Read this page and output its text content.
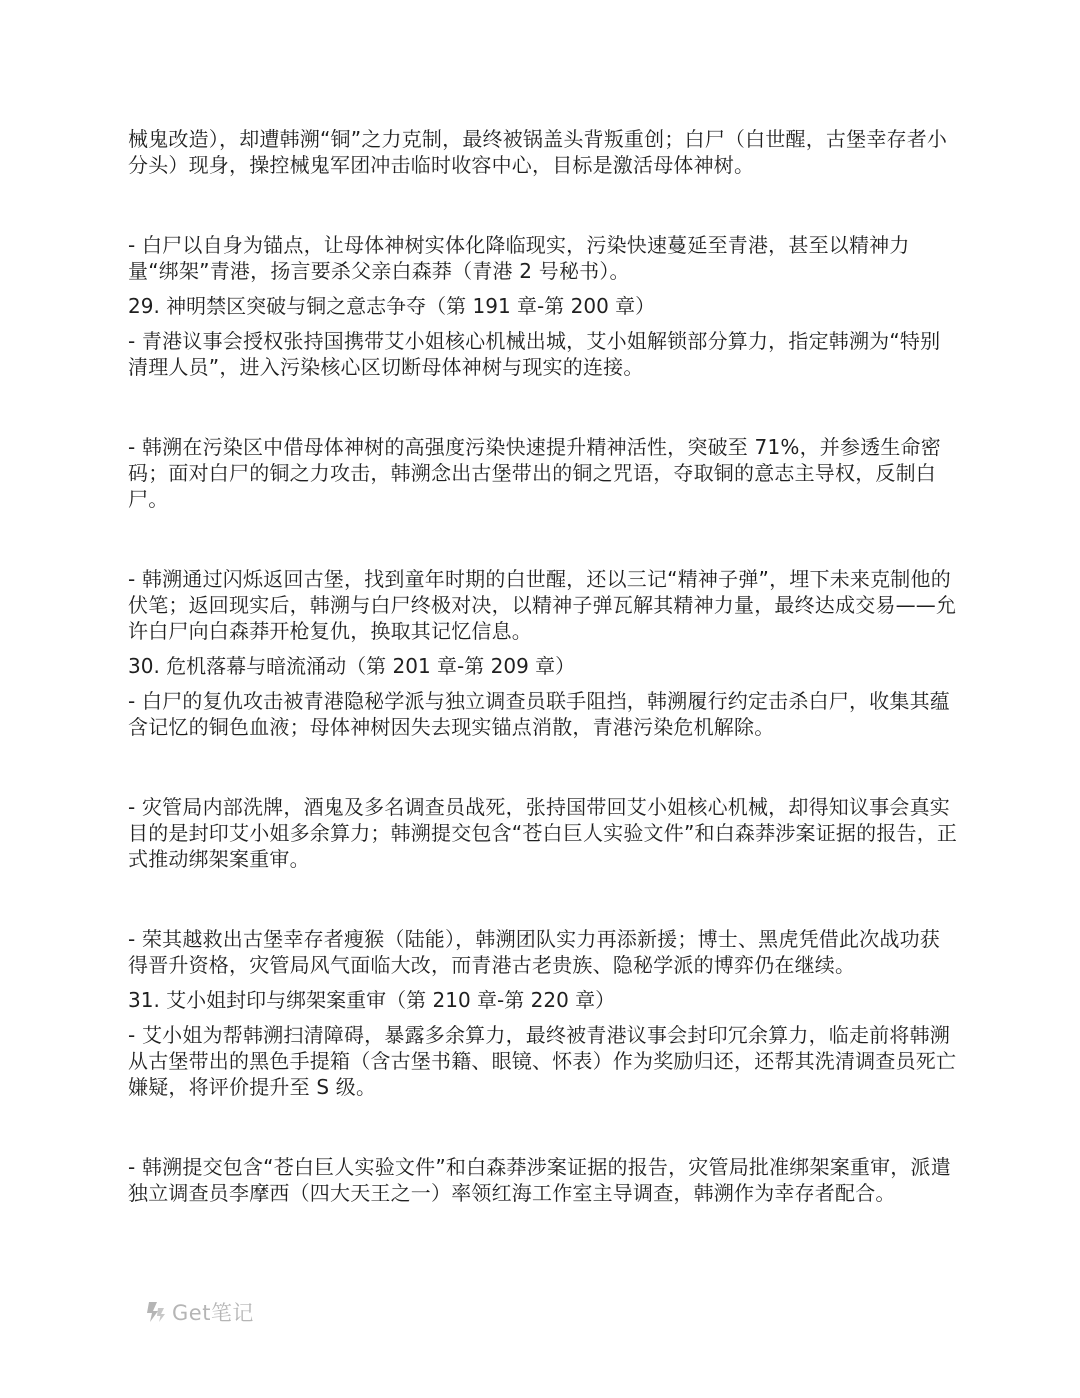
械鬼改造），却遭韩溯“铜”之力克制，最终被锅盖头背叛重创；白尸（白世醒，古堡幸存者小分头）现身，操控械鬼军团冲击临时收容中心，目标是激活母体神树。

- 白尸以自身为锚点，让母体神树实体化降临现实，污染快速蔓延至青港，甚至以精神力量“绑架”青港，扬言要杀父亲白森莽（青港 2 号秘书）。

29. 神明禁区突破与铜之意志争夺（第 191 章-第 200 章）

- 青港议事会授权张持国携带艾小姐核心机械出城，艾小姐解锁部分算力，指定韩溯为“特别清理人员”，进入污染核心区切断母体神树与现实的连接。

- 韩溯在污染区中借母体神树的高强度污染快速提升精神活性，突破至 71%，并参透生命密码；面对白尸的铜之力攻击，韩溯念出古堡带出的铜之咒语，夺取铜的意志主导权，反制白尸。

- 韩溯通过闪烁返回古堡，找到童年时期的白世醒，还以三记“精神子弹”，埋下未来克制他的伏笔；返回现实后，韩溯与白尸终极对决，以精神子弹瓦解其精神力量，最终达成交易——允许白尸向白森莽开枪复仇，换取其记忆信息。

30. 危机落幕与暗流涌动（第 201 章-第 209 章）

- 白尸的复仇攻击被青港隐秘学派与独立调查员联手阻挡，韩溯履行约定击杀白尸，收集其蕴含记忆的铜色血液；母体神树因失去现实锚点消散，青港污染危机解除。

- 灾管局内部洗牌，酒鬼及多名调查员战死，张持国带回艾小姐核心机械，却得知议事会真实目的是封印艾小姐多余算力；韩溯提交包含“苍白巨人实验文件”和白森莽涉案证据的报告，正式推动绑架案重审。

- 荣其越救出古堡幸存者瘦猴（陆能），韩溯团队实力再添新援；博士、黑虎凭借此次战功获得晋升资格，灾管局风气面临大改，而青港古老贵族、隐秘学派的博弈仍在继续。

31. 艾小姐封印与绑架案重审（第 210 章-第 220 章）

- 艾小姐为帮韩溯扫清障碍，暴露多余算力，最终被青港议事会封印冗余算力，临走前将韩溯从古堡带出的黑色手提箱（含古堡书籍、眼镜、怀表）作为奖励归还，还帮其洗清调查员死亡嫌疑，将评价提升至 S 级。

- 韩溯提交包含“苍白巨人实验文件”和白森莽涉案证据的报告，灾管局批准绑架案重审，派遣独立调查员李摩西（四大天王之一）率领红海工作室主导调查，韩溯作为幸存者配合。

Get笔记
